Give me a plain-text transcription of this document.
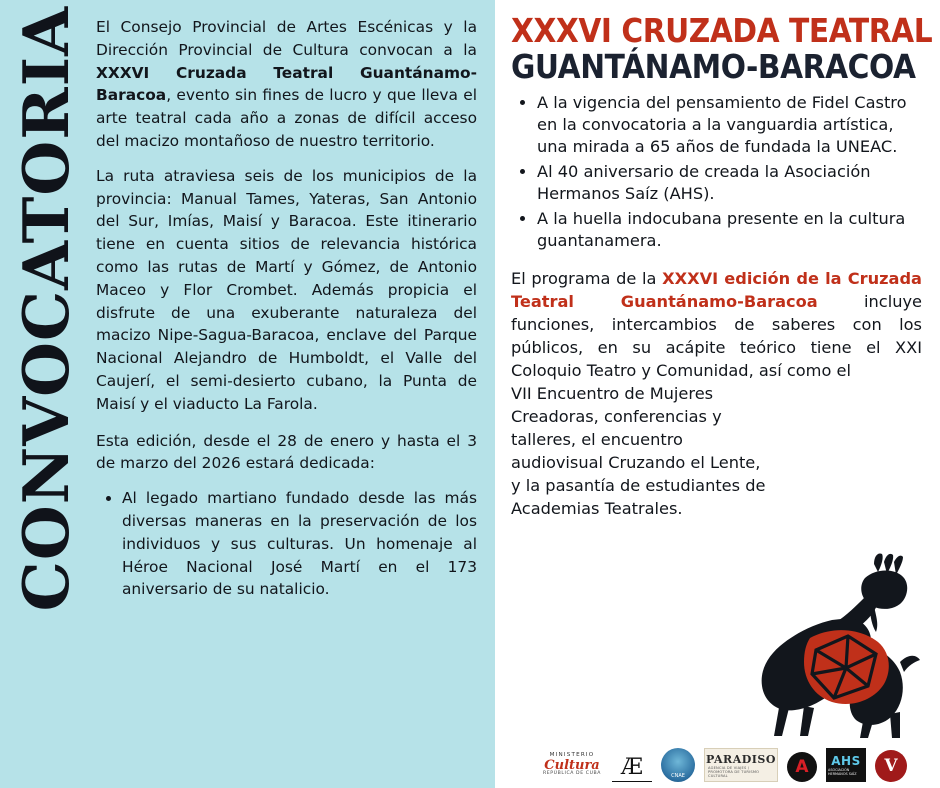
CONVOCATORIA El Consejo Provincial de Artes Escénicas y la Dirección Provincial de Cultura convocan a la XXXVI Cruzada Teatral Guantánamo-Baracoa, evento sin fines de lucro y que lleva el arte teatral cada año a zonas de difícil acceso del macizo montañoso de nuestro territorio.

La ruta atraviesa seis de los municipios de la provincia: Manual Tames, Yateras, San Antonio del Sur, Imías, Maisí y Baracoa. Este itinerario tiene en cuenta sitios de relevancia histórica como las rutas de Martí y Gómez, de Antonio Maceo y Flor Crombet. Además propicia el disfrute de una exuberante naturaleza del macizo Nipe-Sagua-Baracoa, enclave del Parque Nacional Alejandro de Humboldt, el Valle del Caujerí, el semi-desierto cubano, la Punta de Maisí y el viaducto La Farola.

Esta edición, desde el 28 de enero y hasta el 3 de marzo del 2026 estará dedicada:

• Al legado martiano fundado desde las más diversas maneras en la preservación de los individuos y sus culturas. Un homenaje al Héroe Nacional José Martí en el 173 aniversario de su natalicio.
XXXVI CRUZADA TEATRAL
GUANTÁNAMO-BARACOA
• A la vigencia del pensamiento de Fidel Castro en la convocatoria a la vanguardia artística, una mirada a 65 años de fundada la UNEAC.
• Al 40 aniversario de creada la Asociación Hermanos Saíz (AHS).
• A la huella indocubana presente en la cultura guantanamera.

El programa de la XXXVI edición de la Cruzada Teatral Guantánamo-Baracoa incluye funciones, intercambios de saberes con los públicos, en su acápite teórico tiene el XXI Coloquio Teatro y Comunidad, así como el

VII Encuentro de Mujeres Creadoras, conferencias y talleres, el encuentro audiovisual Cruzando el Lente, y la pasantía de estudiantes de Academias Teatrales.

MINISTERIO
Cultura
REPÚBLICA DE CUBA Æ	CNAE
PARADISO
AGENCIA DE VIAJES / PROMOTORA DE TURISMO CULTURAL	A	AHS
ASOCIACIÓN HERMANOS SAÍZ	V
